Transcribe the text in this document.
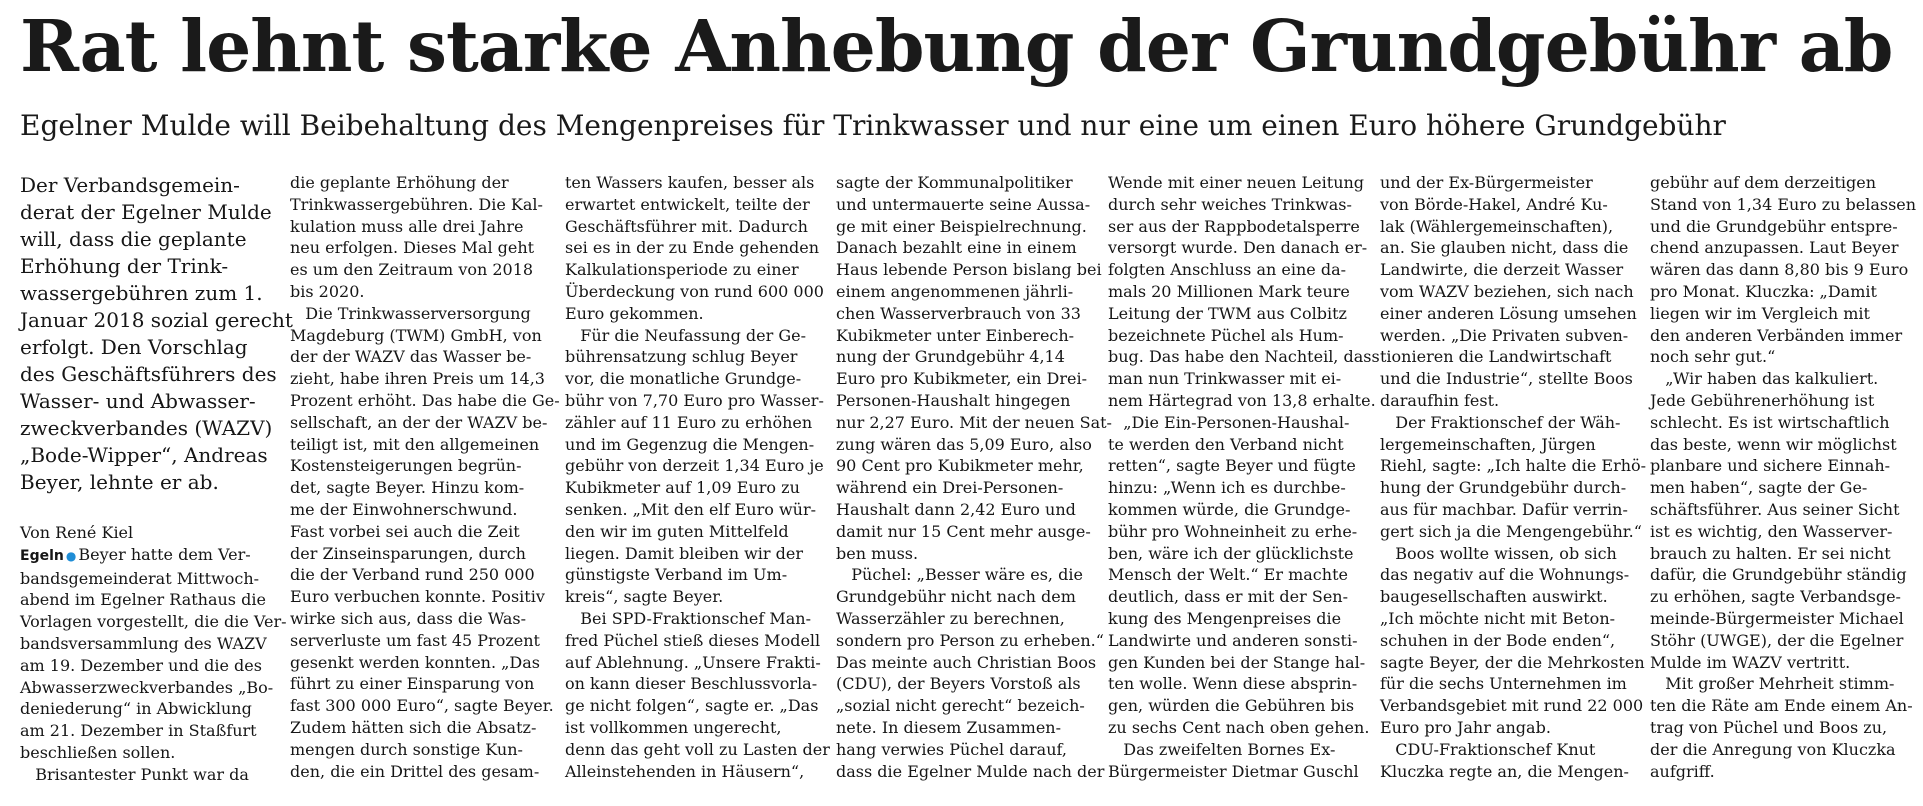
Rat lehnt starke Anhebung der Grundgebühr ab
Egelner Mulde will Beibehaltung des Mengenpreises für Trinkwasser und nur eine um einen Euro höhere Grundgebühr
Der Verbandsgemein-
derat der Egelner Mulde
will, dass die geplante
Erhöhung der Trink-
wassergebühren zum 1.
Januar 2018 sozial gerecht
erfolgt. Den Vorschlag
des Geschäftsführers des
Wasser- und Abwasser-
zweckverbandes (WAZV)
„Bode-Wipper“, Andreas
Beyer, lehnte er ab.
Von René Kiel
Egeln ● Beyer hatte dem Ver-
bandsgemeinderat Mittwoch-
abend im Egelner Rathaus die
Vorlagen vorgestellt, die die Ver-
bandsversammlung des WAZV
am 19. Dezember und die des
Abwasserzweckverbandes „Bo-
deniederung“ in Abwicklung
am 21. Dezember in Staßfurt
beschließen sollen.
Brisantester Punkt war da
die geplante Erhöhung der
Trinkwassergebühren. Die Kal-
kulation muss alle drei Jahre
neu erfolgen. Dieses Mal geht
es um den Zeitraum von 2018
bis 2020.
Die Trinkwasserversorgung
Magdeburg (TWM) GmbH, von
der der WAZV das Wasser be-
zieht, habe ihren Preis um 14,3
Prozent erhöht. Das habe die Ge-
sellschaft, an der der WAZV be-
teiligt ist, mit den allgemeinen
Kostensteigerungen begrün-
det, sagte Beyer. Hinzu kom-
me der Einwohnerschwund.
Fast vorbei sei auch die Zeit
der Zinseinsparungen, durch
die der Verband rund 250 000
Euro verbuchen konnte. Positiv
wirke sich aus, dass die Was-
serverluste um fast 45 Prozent
gesenkt werden konnten. „Das
führt zu einer Einsparung von
fast 300 000 Euro“, sagte Beyer.
Zudem hätten sich die Absatz-
mengen durch sonstige Kun-
den, die ein Drittel des gesam-
ten Wassers kaufen, besser als
erwartet entwickelt, teilte der
Geschäftsführer mit. Dadurch
sei es in der zu Ende gehenden
Kalkulationsperiode zu einer
Überdeckung von rund 600 000
Euro gekommen.
Für die Neufassung der Ge-
bührensatzung schlug Beyer
vor, die monatliche Grundge-
bühr von 7,70 Euro pro Wasser-
zähler auf 11 Euro zu erhöhen
und im Gegenzug die Mengen-
gebühr von derzeit 1,34 Euro je
Kubikmeter auf 1,09 Euro zu
senken. „Mit den elf Euro wür-
den wir im guten Mittelfeld
liegen. Damit bleiben wir der
günstigste Verband im Um-
kreis“, sagte Beyer.
Bei SPD-Fraktionschef Man-
fred Püchel stieß dieses Modell
auf Ablehnung. „Unsere Frakti-
on kann dieser Beschlussvorla-
ge nicht folgen“, sagte er. „Das
ist vollkommen ungerecht,
denn das geht voll zu Lasten der
Alleinstehenden in Häusern“,
sagte der Kommunalpolitiker
und untermauerte seine Aussa-
ge mit einer Beispielrechnung.
Danach bezahlt eine in einem
Haus lebende Person bislang bei
einem angenommenen jährli-
chen Wasserverbrauch von 33
Kubikmeter unter Einberech-
nung der Grundgebühr 4,14
Euro pro Kubikmeter, ein Drei-
Personen-Haushalt hingegen
nur 2,27 Euro. Mit der neuen Sat-
zung wären das 5,09 Euro, also
90 Cent pro Kubikmeter mehr,
während ein Drei-Personen-
Haushalt dann 2,42 Euro und
damit nur 15 Cent mehr ausge-
ben muss.
Püchel: „Besser wäre es, die
Grundgebühr nicht nach dem
Wasserzähler zu berechnen,
sondern pro Person zu erheben.“
Das meinte auch Christian Boos
(CDU), der Beyers Vorstoß als
„sozial nicht gerecht“ bezeich-
nete. In diesem Zusammen-
hang verwies Püchel darauf,
dass die Egelner Mulde nach der
Wende mit einer neuen Leitung
durch sehr weiches Trinkwas-
ser aus der Rappbodetalsperre
versorgt wurde. Den danach er-
folgten Anschluss an eine da-
mals 20 Millionen Mark teure
Leitung der TWM aus Colbitz
bezeichnete Püchel als Hum-
bug. Das habe den Nachteil, dass
man nun Trinkwasser mit ei-
nem Härtegrad von 13,8 erhalte.
„Die Ein-Personen-Haushal-
te werden den Verband nicht
retten“, sagte Beyer und fügte
hinzu: „Wenn ich es durchbe-
kommen würde, die Grundge-
bühr pro Wohneinheit zu erhe-
ben, wäre ich der glücklichste
Mensch der Welt.“ Er machte
deutlich, dass er mit der Sen-
kung des Mengenpreises die
Landwirte und anderen sonsti-
gen Kunden bei der Stange hal-
ten wolle. Wenn diese absprin-
gen, würden die Gebühren bis
zu sechs Cent nach oben gehen.
Das zweifelten Bornes Ex-
Bürgermeister Dietmar Guschl
und der Ex-Bürgermeister
von Börde-Hakel, André Ku-
lak (Wählergemeinschaften),
an. Sie glauben nicht, dass die
Landwirte, die derzeit Wasser
vom WAZV beziehen, sich nach
einer anderen Lösung umsehen
werden. „Die Privaten subven-
tionieren die Landwirtschaft
und die Industrie“, stellte Boos
daraufhin fest.
Der Fraktionschef der Wäh-
lergemeinschaften, Jürgen
Riehl, sagte: „Ich halte die Erhö-
hung der Grundgebühr durch-
aus für machbar. Dafür verrin-
gert sich ja die Mengengebühr.“
Boos wollte wissen, ob sich
das negativ auf die Wohnungs-
baugesellschaften auswirkt.
„Ich möchte nicht mit Beton-
schuhen in der Bode enden“,
sagte Beyer, der die Mehrkosten
für die sechs Unternehmen im
Verbandsgebiet mit rund 22 000
Euro pro Jahr angab.
CDU-Fraktionschef Knut
Kluczka regte an, die Mengen-
gebühr auf dem derzeitigen
Stand von 1,34 Euro zu belassen
und die Grundgebühr entspre-
chend anzupassen. Laut Beyer
wären das dann 8,80 bis 9 Euro
pro Monat. Kluczka: „Damit
liegen wir im Vergleich mit
den anderen Verbänden immer
noch sehr gut.“
„Wir haben das kalkuliert.
Jede Gebührenerhöhung ist
schlecht. Es ist wirtschaftlich
das beste, wenn wir möglichst
planbare und sichere Einnah-
men haben“, sagte der Ge-
schäftsführer. Aus seiner Sicht
ist es wichtig, den Wasserver-
brauch zu halten. Er sei nicht
dafür, die Grundgebühr ständig
zu erhöhen, sagte Verbandsge-
meinde-Bürgermeister Michael
Stöhr (UWGE), der die Egelner
Mulde im WAZV vertritt.
Mit großer Mehrheit stimm-
ten die Räte am Ende einem An-
trag von Püchel und Boos zu,
der die Anregung von Kluczka
aufgriff.
